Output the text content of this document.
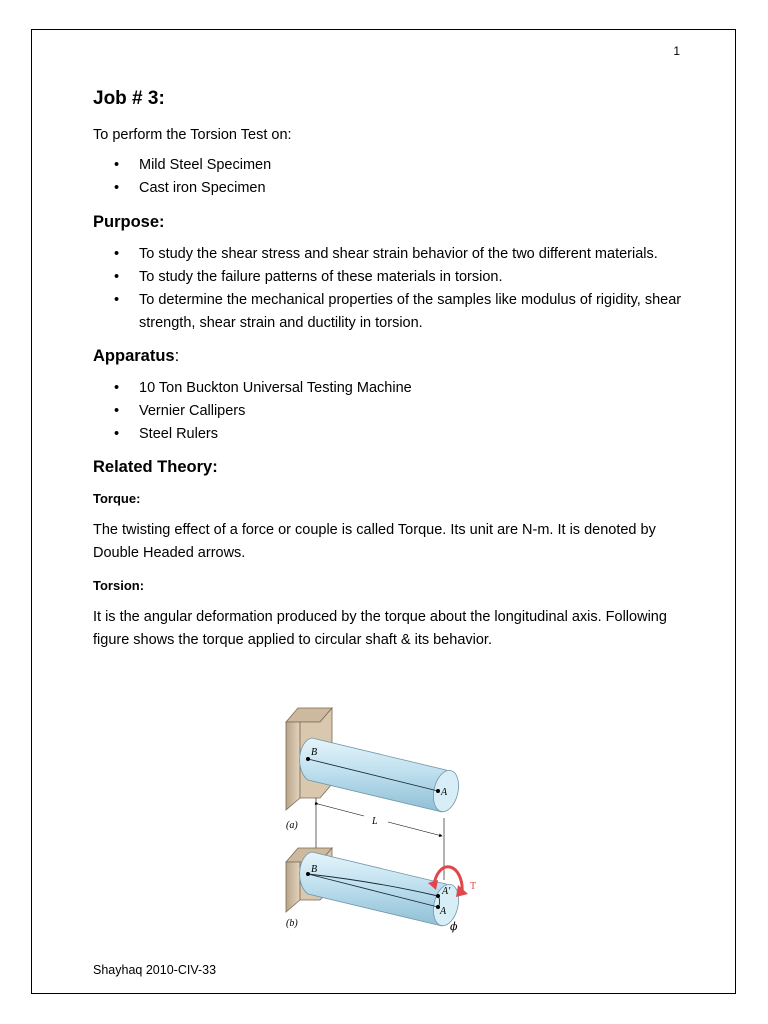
1
Job # 3:

To perform the Torsion Test on:

• Mild Steel Specimen
• Cast iron Specimen
Purpose:
• To study the shear stress and shear strain behavior of the two different materials.
• To study the failure patterns of these materials in torsion.
• To determine the mechanical properties of the samples like modulus of rigidity, shear strength, shear strain and ductility in torsion.
Apparatus:
• 10 Ton Buckton Universal Testing Machine
• Vernier Callipers
• Steel Rulers
Related Theory:
Torque:

The twisting effect of a force or couple is called Torque. Its unit are N-m. It is denoted by Double Headed arrows.

Torsion:

It is the angular deformation produced by the torque about the longitudinal axis. Following figure shows the torque applied to circular shaft & its behavior.

B
A
(a)	L
B
A'
A
T
ϕ
(b)
Shayhaq 2010-CIV-33
